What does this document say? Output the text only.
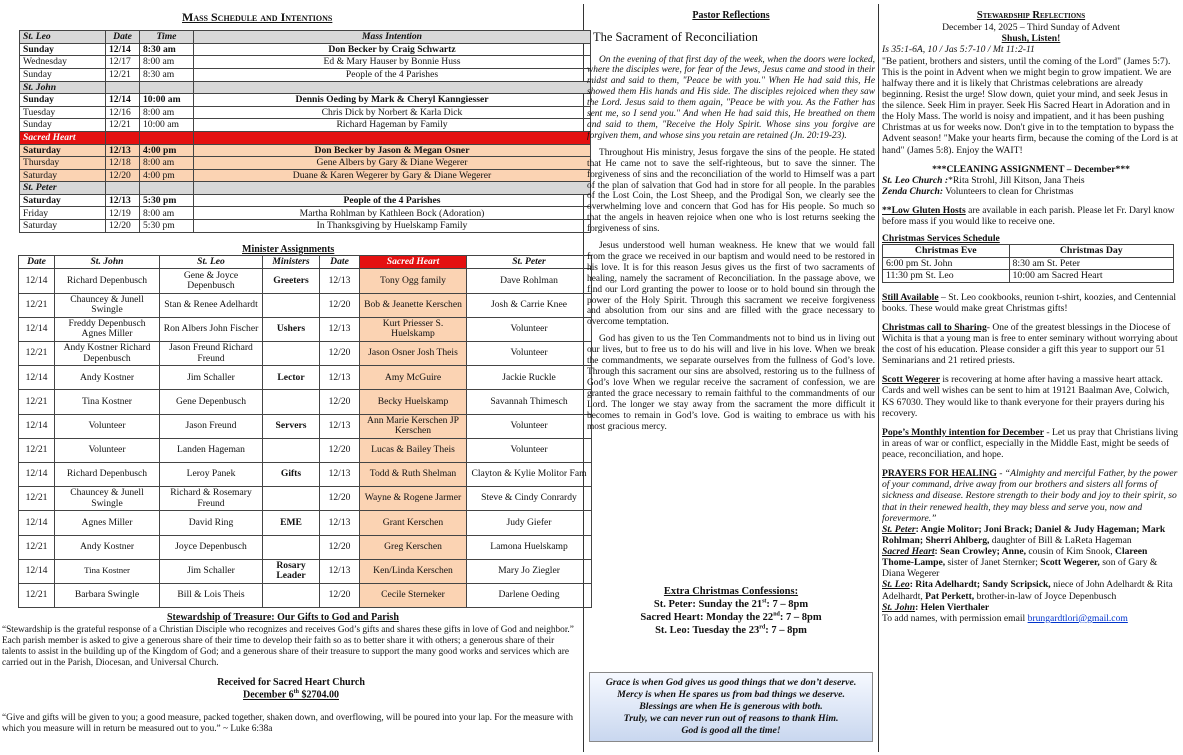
Mass Schedule and Intentions
St. Leo	Date	Time	Mass Intention
Sunday	12/14	8:30 am	Don Becker by Craig Schwartz
Wednesday	12/17	8:00 am	Ed & Mary Hauser by Bonnie Huss
Sunday	12/21	8:30 am	People of the 4 Parishes
St. John			
Sunday	12/14	10:00 am	Dennis Oeding by Mark & Cheryl Kanngiesser
Tuesday	12/16	8:00 am	Chris Dick by Norbert & Karla Dick
Sunday	12/21	10:00 am	Richard Hageman by Family
Sacred Heart			
Saturday	12/13	4:00 pm	Don Becker by Jason & Megan Osner
Thursday	12/18	8:00 am	Gene Albers by Gary & Diane Wegerer
Saturday	12/20	4:00 pm	Duane & Karen Wegerer by Gary & Diane Wegerer
St. Peter			
Saturday	12/13	5:30 pm	People of the 4 Parishes
Friday	12/19	8:00 am	Martha Rohlman by Kathleen Bock (Adoration)
Saturday	12/20	5:30 pm	In Thanksgiving by Huelskamp Family
Minister Assignments
Date	St. John	St. Leo	Ministers	Date	Sacred Heart	St. Peter
12/14	Richard Depenbusch	Gene & Joyce Depenbusch	Greeters	12/13	Tony Ogg family	Dave Rohlman
12/21	Chauncey & Junell Swingle	Stan & Renee Adelhardt		12/20	Bob & Jeanette Kerschen	Josh & Carrie Knee
12/14	Freddy Depenbusch Agnes Miller	Ron Albers John Fischer	Ushers	12/13	Kurt Priesser S. Huelskamp	Volunteer
12/21	Andy Kostner Richard Depenbusch	Jason Freund Richard Freund		12/20	Jason Osner Josh Theis	Volunteer
12/14	Andy Kostner	Jim Schaller	Lector	12/13	Amy McGuire	Jackie Ruckle
12/21	Tina Kostner	Gene Depenbusch		12/20	Becky Huelskamp	Savannah Thimesch
12/14	Volunteer	Jason Freund	Servers	12/13	Ann Marie Kerschen JP Kerschen	Volunteer
12/21	Volunteer	Landen Hageman		12/20	Lucas & Bailey Theis	Volunteer
12/14	Richard Depenbusch	Leroy Panek	Gifts	12/13	Todd & Ruth Shelman	Clayton & Kylie Molitor Fam
12/21	Chauncey & Junell Swingle	Richard & Rosemary Freund		12/20	Wayne & Rogene Jarmer	Steve & Cindy Conrardy
12/14	Agnes Miller	David Ring	EME	12/13	Grant Kerschen	Judy Giefer
12/21	Andy Kostner	Joyce Depenbusch		12/20	Greg Kerschen	Lamona Huelskamp
12/14	Tina Kostner	Jim Schaller	Rosary Leader	12/13	Ken/Linda Kerschen	Mary Jo Ziegler
12/21	Barbara Swingle	Bill & Lois Theis		12/20	Cecile Sterneker	Darlene Oeding
Stewardship of Treasure: Our Gifts to God and Parish

“Stewardship is the grateful response of a Christian Disciple who recognizes and receives God’s gifts and shares these gifts in love of God and neighbor.” Each parish member is asked to give a generous share of their time to develop their faith so as to better share it with others; a generous share of their talents to assist in the building up of the Kingdom of God; and a generous share of their treasure to support the many good works and services which are carried out in the Parish, Diocesan, and Universal Church.

Received for Sacred Heart Church
December 6th $2704.00

“Give and gifts will be given to you; a good measure, packed together, shaken down, and overflowing, will be poured into your lap. For the measure with which you measure will in return be measured out to you.” ~ Luke 6:38a

Pastor Reflections
The Sacrament of Reconciliation

On the evening of that first day of the week, when the doors were locked, where the disciples were, for fear of the Jews, Jesus came and stood in their midst and said to them, "Peace be with you." When He had said this, He showed them His hands and His side. The disciples rejoiced when they saw the Lord. Jesus said to them again, "Peace be with you. As the Father has sent me, so I send you." And when He had said this, He breathed on them and said to them, "Receive the Holy Spirit. Whose sins you forgive are forgiven them, and whose sins you retain are retained (Jn. 20:19-23).

Throughout His ministry, Jesus forgave the sins of the people. He stated that He came not to save the self-righteous, but to save the sinner. The forgiveness of sins and the reconciliation of the world to Himself was a part of the plan of salvation that God had in store for all people. In the parables of the Lost Coin, the Lost Sheep, and the Prodigal Son, we clearly see the overwhelming love and concern that God has for His people. So much so that the angels in heaven rejoice when one who is lost returns seeking the forgiveness of sins.

Jesus understood well human weakness. He knew that we would fall from the grace we received in our baptism and would need to be restored in his love. It is for this reason Jesus gives us the first of two sacraments of healing, namely the sacrament of Reconciliation. In the passage above, we find our Lord granting the power to loose or to hold bound sin through the power of the Holy Spirit. Through this sacrament we receive forgiveness and absolution from our sins and are filled with the grace necessary to overcome temptation.

God has given to us the Ten Commandments not to bind us in living out our lives, but to free us to do his will and live in his love. When we break the commandments, we separate ourselves from the fullness of God’s love. Through this sacrament our sins are absolved, restoring us to the fullness of God’s love When we regular receive the sacrament of confession, we are granted the grace necessary to remain faithful to the commandments of our Lord. The longer we stay away from the sacrament the more difficult it becomes to remain in God’s love. God is waiting to embrace us with his most gracious mercy.

Extra Christmas Confessions:
St. Peter: Sunday the 21st: 7 – 8pm
Sacred Heart: Monday the 22nd: 7 – 8pm
St. Leo: Tuesday the 23rd: 7 – 8pm
Grace is when God gives us good things that we don’t deserve.
Mercy is when He spares us from bad things we deserve.
Blessings are when He is generous with both.
Truly, we can never run out of reasons to thank Him.
God is good all the time!
Stewardship Reflections
December 14, 2025 – Third Sunday of Advent
Shush, Listen!
Is 35:1-6A, 10 / Jas 5:7-10 / Mt 11:2-11

"Be patient, brothers and sisters, until the coming of the Lord" (James 5:7). This is the point in Advent when we might begin to grow impatient. We are halfway there and it is likely that Christmas celebrations are already beginning. Resist the urge! Slow down, quiet your mind, and seek Jesus in the silence. Seek Him in prayer. Seek His Sacred Heart in Adoration and in the Holy Mass. The world is noisy and impatient, and it has been pushing Christmas at us for weeks now. Don't give in to the temptation to bypass the Advent season! "Make your hearts firm, because the coming of the Lord is at hand" (James 5:8). Enjoy the WAIT!

***CLEANING ASSIGNMENT – December***
St. Leo Church :*Rita Strohl, Jill Kitson, Jana Theis
Zenda Church: Volunteers to clean for Christmas

**Low Gluten Hosts are available in each parish. Please let Fr. Daryl know before mass if you would like to receive one.

Christmas Services Schedule
Christmas Eve	Christmas Day
6:00 pm St. John	8:30 am St. Peter
11:30 pm St. Leo	10:00 am Sacred Heart

Still Available – St. Leo cookbooks, reunion t-shirt, koozies, and Centennial books. These would make great Christmas gifts!

Christmas call to Sharing- One of the greatest blessings in the Diocese of Wichita is that a young man is free to enter seminary without worrying about the cost of his education. Please consider a gift this year to support our 51 Seminarians and 21 retired priests.

Scott Wegerer is recovering at home after having a massive heart attack. Cards and well wishes can be sent to him at 19121 Baalman Ave, Colwich, KS 67030. They would like to thank everyone for their prayers during his recovery.

Pope’s Monthly intention for December - Let us pray that Christians living in areas of war or conflict, especially in the Middle East, might be seeds of peace, reconciliation, and hope.

PRAYERS FOR HEALING - “Almighty and merciful Father, by the power of your command, drive away from our brothers and sisters all forms of sickness and disease. Restore strength to their body and joy to their spirit, so that in their renewed health, they may bless and serve you, now and forevermore.”

St. Peter: Angie Molitor; Joni Brack; Daniel & Judy Hageman; Mark Rohlman; Sherri Ahlberg, daughter of Bill & LaReta Hageman

Sacred Heart: Sean Crowley; Anne, cousin of Kim Snook, Clareen Thome-Lampe, sister of Janet Sternker; Scott Wegerer, son of Gary & Diana Wegerer

St. Leo: Rita Adelhardt; Sandy Scripsick, niece of John Adelhardt & Rita Adelhardt, Pat Perkett, brother-in-law of Joyce Depenbusch

St. John: Helen Vierthaler

To add names, with permission email brungardtlori@gmail.com
